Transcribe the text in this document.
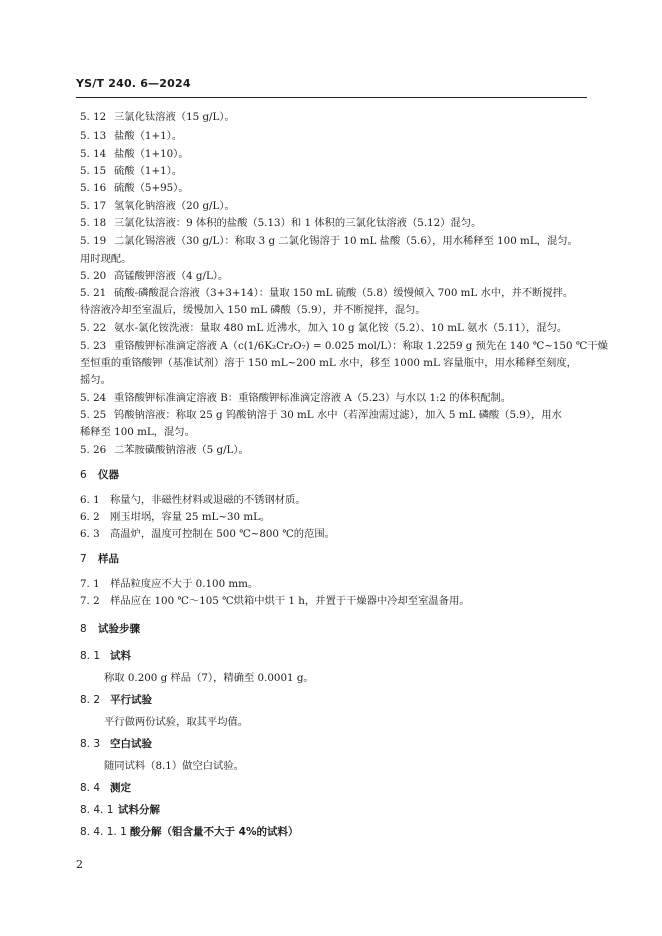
YS/T 240. 6—2024
5. 12 三氯化钛溶液（15 g/L）。
5. 13 盐酸（1+1）。
5. 14 盐酸（1+10）。
5. 15 硫酸（1+1）。
5. 16 硫酸（5+95）。
5. 17 氢氧化钠溶液（20 g/L）。
5. 18 三氯化钛溶液：9 体积的盐酸（5.13）和 1 体积的三氯化钛溶液（5.12）混匀。
5. 19 二氯化锡溶液（30 g/L）：称取 3 g 二氯化锡溶于 10 mL 盐酸（5.6），用水稀释至 100 mL，混匀。
用时现配。
5. 20 高锰酸钾溶液（4 g/L）。
5. 21 硫酸-磷酸混合溶液（3+3+14）：量取 150 mL 硫酸（5.8）缓慢倾入 700 mL 水中，并不断搅拌。
待溶液冷却至室温后，缓慢加入 150 mL 磷酸（5.9），并不断搅拌，混匀。
5. 22 氨水-氯化铵洗液：量取 480 mL 近沸水，加入 10 g 氯化铵（5.2）、10 mL 氨水（5.11），混匀。
5. 23 重铬酸钾标准滴定溶液 A（c(1/6K₂Cr₂O₇) = 0.025 mol/L）：称取 1.2259 g 预先在 140 ℃~150 ℃干燥
至恒重的重铬酸钾（基准试剂）溶于 150 mL~200 mL 水中，移至 1000 mL 容量瓶中，用水稀释至刻度，
摇匀。
5. 24 重铬酸钾标准滴定溶液 B：重铬酸钾标准滴定溶液 A（5.23）与水以 1:2 的体积配制。
5. 25 钨酸钠溶液：称取 25 g 钨酸钠溶于 30 mL 水中（若浑浊需过滤），加入 5 mL 磷酸（5.9），用水
稀释至 100 mL，混匀。
5. 26 二苯胺磺酸钠溶液（5 g/L）。
6 仪器
6. 1 称量勺，非磁性材料或退磁的不锈钢材质。
6. 2 刚玉坩埚，容量 25 mL~30 mL。
6. 3 高温炉，温度可控制在 500 ℃~800 ℃的范围。
7 样品
7. 1 样品粒度应不大于 0.100 mm。
7. 2 样品应在 100 ℃～105 ℃烘箱中烘干 1 h，并置于干燥器中冷却至室温备用。
8 试验步骤
8. 1 试料
称取 0.200 g 样品（7），精确至 0.0001 g。
8. 2 平行试验
平行做两份试验，取其平均值。
8. 3 空白试验
随同试料（8.1）做空白试验。
8. 4 测定
8. 4. 1 试料分解
8. 4. 1. 1 酸分解（钼含量不大于 4%的试料）
2
